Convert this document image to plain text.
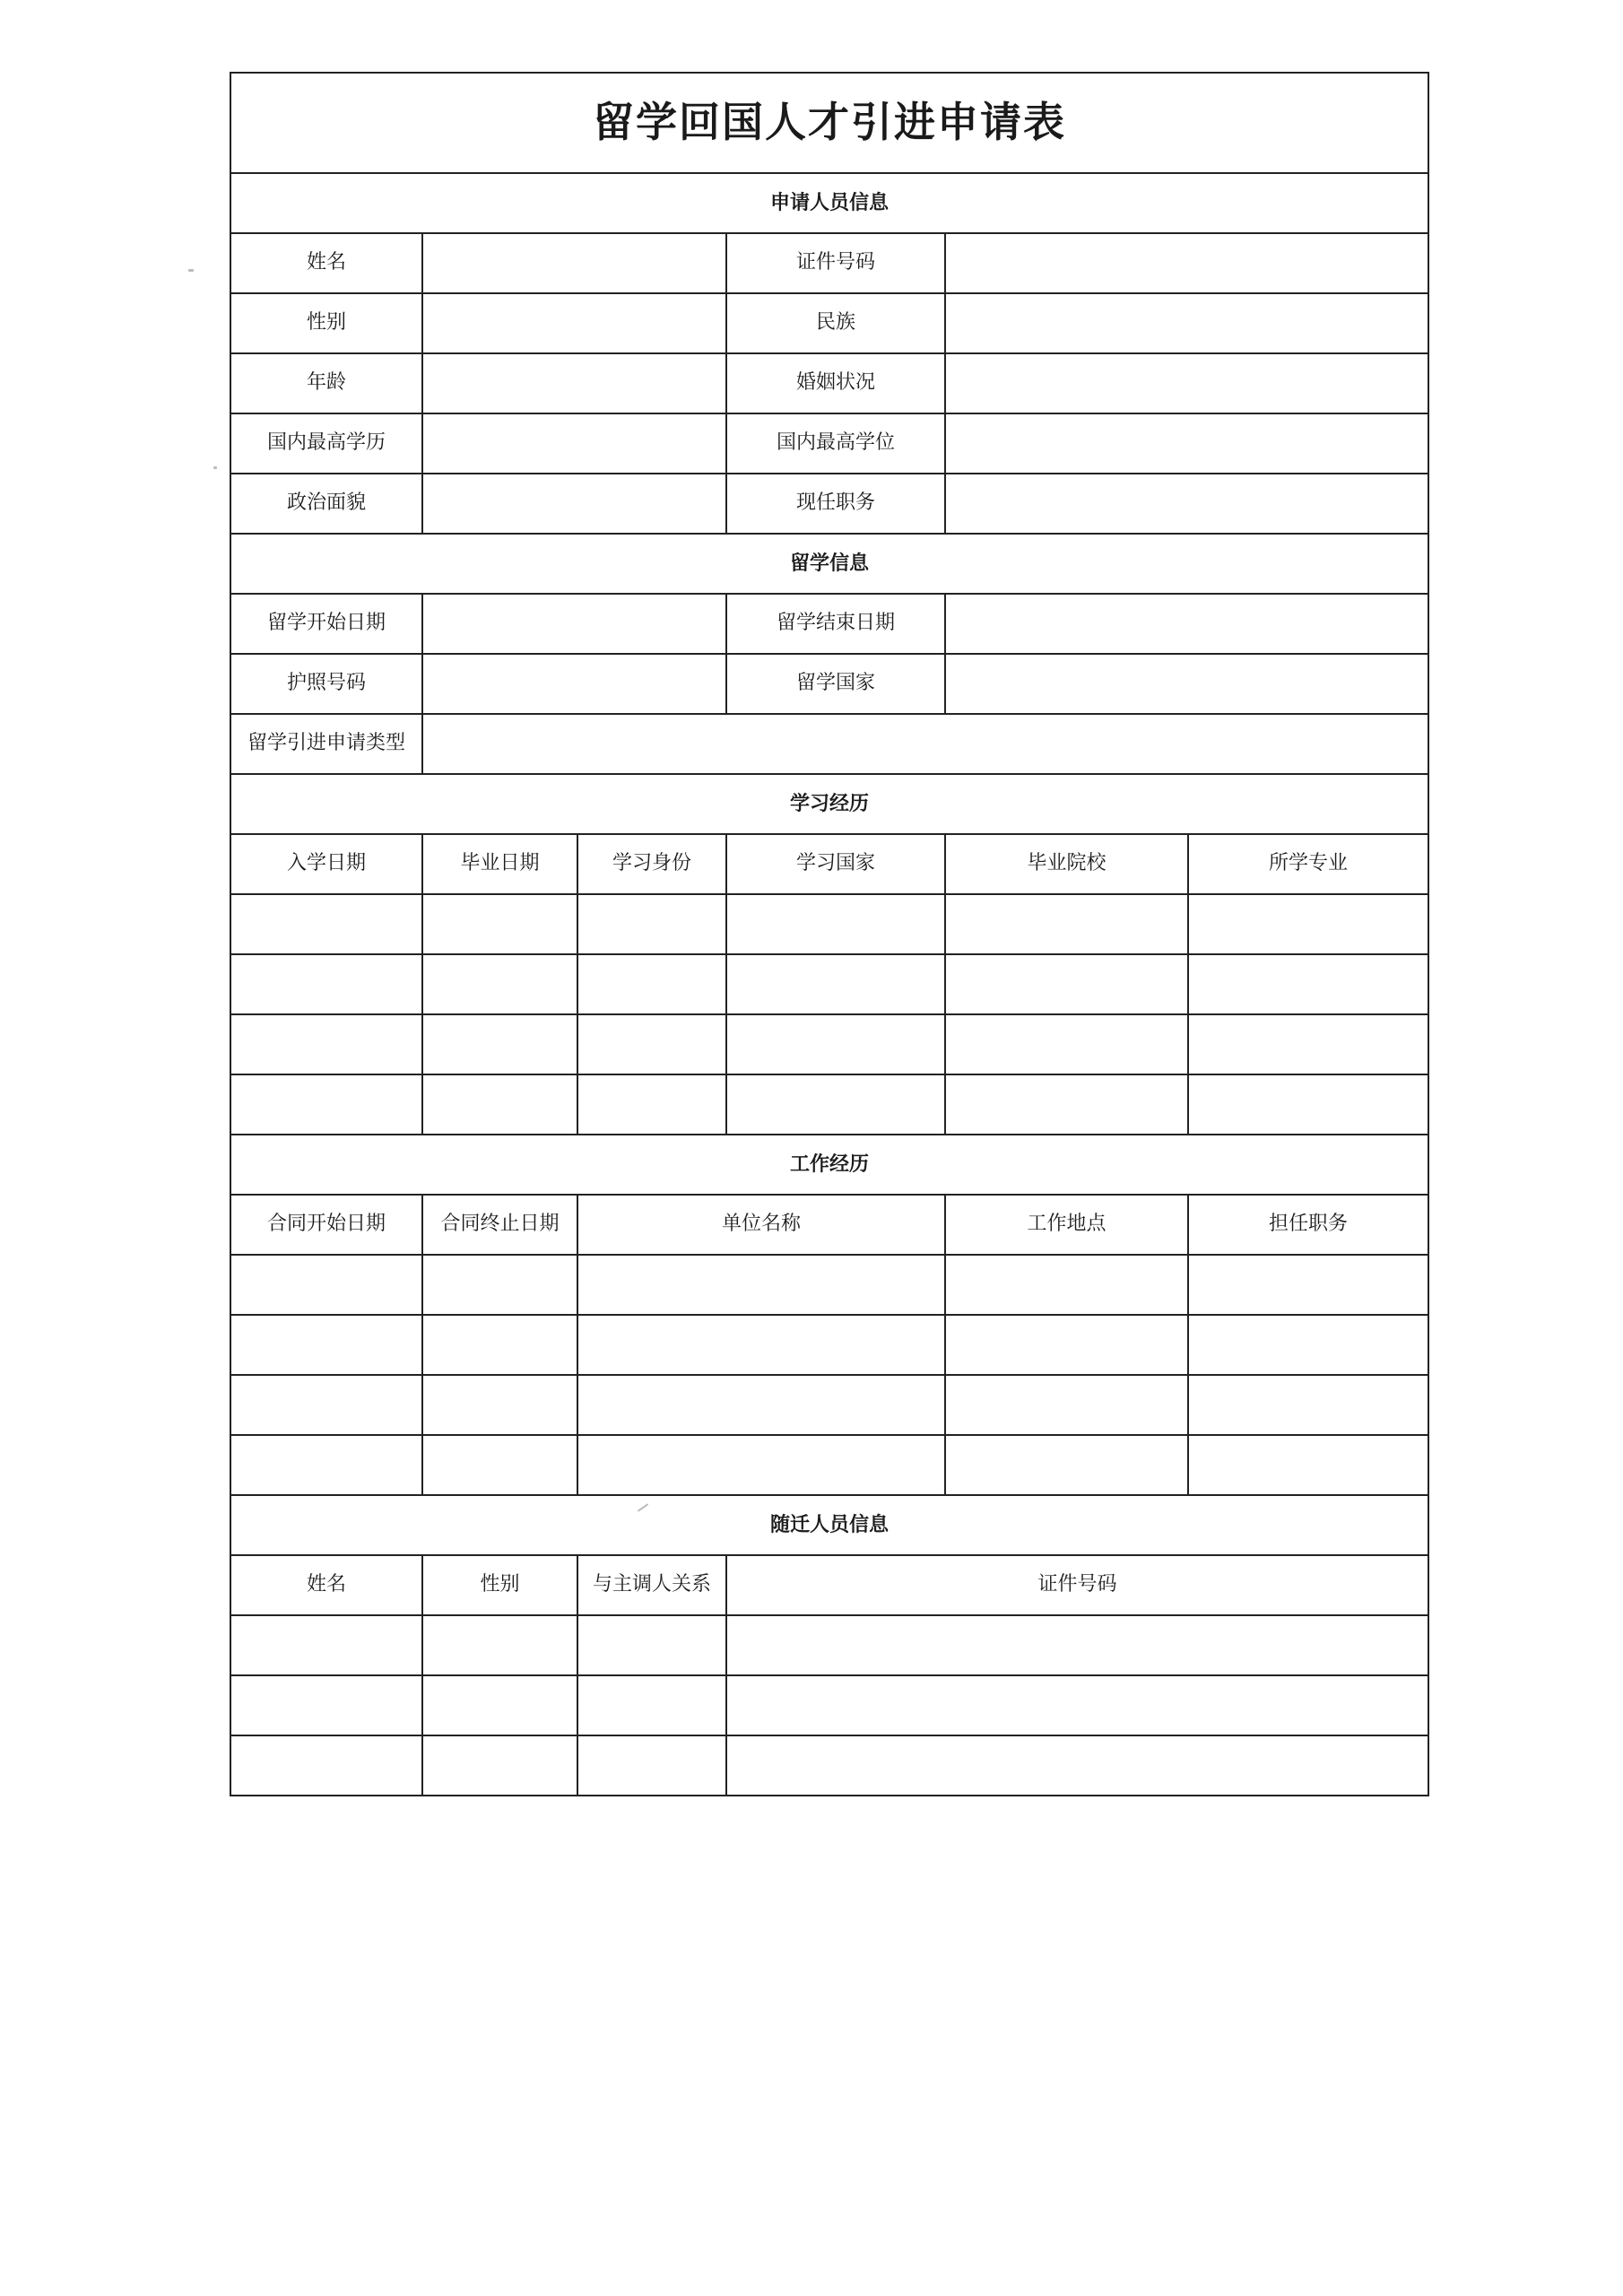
留学回国人才引进申请表					
申请人员信息					
姓名			证件号码		
性别			民族		
年龄			婚姻状况		
国内最高学历			国内最高学位		
政治面貌			现任职务		
留学信息					
留学开始日期			留学结束日期		
护照号码			留学国家		
留学引进申请类型					
学习经历					
入学日期	毕业日期	学习身份	学习国家	毕业院校	所学专业

工作经历					
合同开始日期	合同终止日期	单位名称		工作地点	担任职务

随迁人员信息					
姓名	性别	与主调人关系	证件号码		
